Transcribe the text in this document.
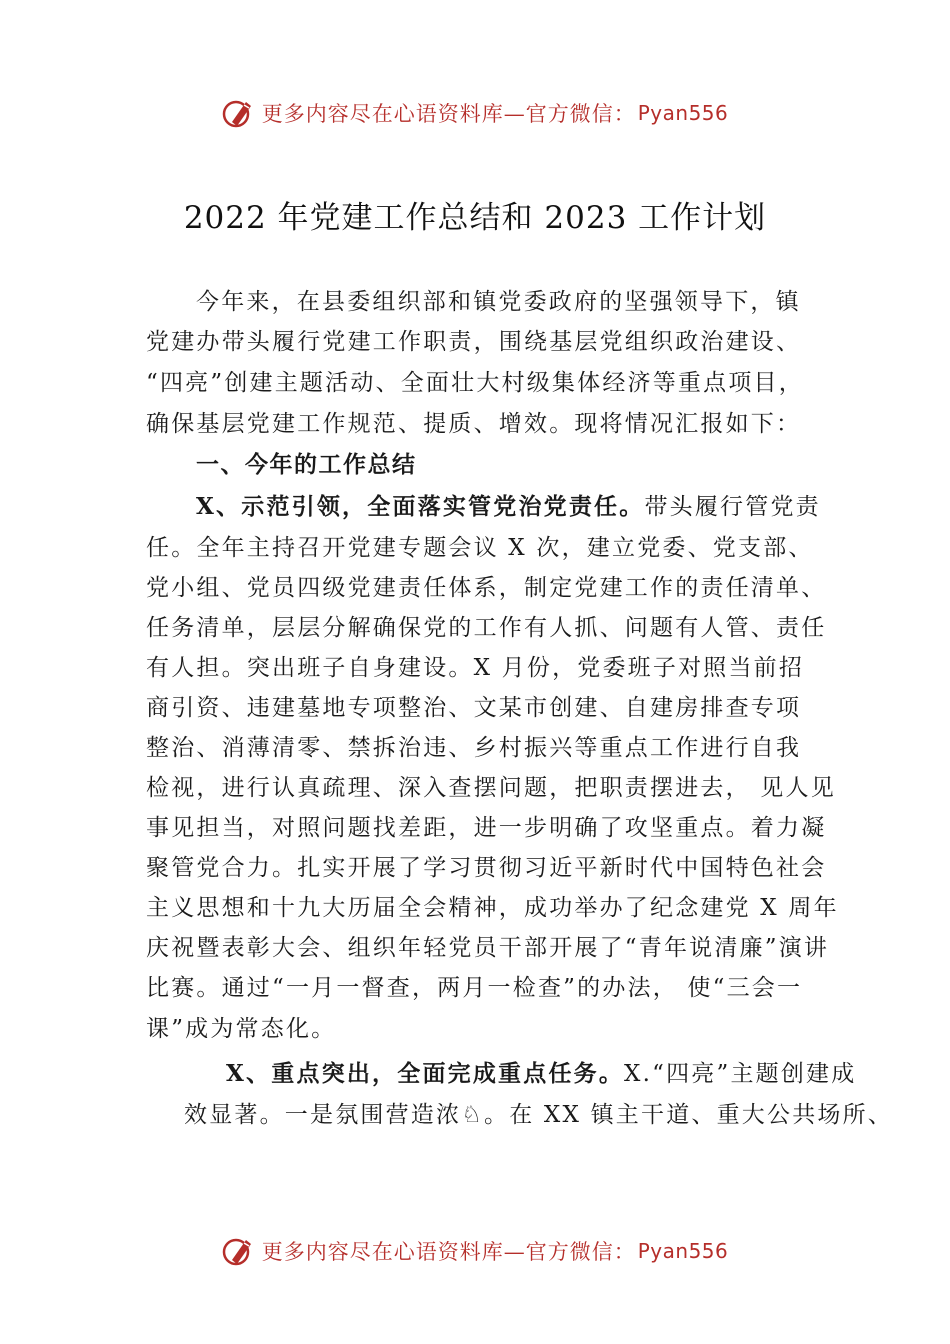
更多内容尽在心语资料库—官方微信： Pyan556
2022 年党建工作总结和 2023 工作计划
今年来，在县委组织部和镇党委政府的坚强领导下，镇
党建办带头履行党建工作职责，围绕基层党组织政治建设、
“四亮”创建主题活动、全面壮大村级集体经济等重点项目，
确保基层党建工作规范、提质、增效。现将情况汇报如下：
一、今年的工作总结
X、示范引领，全面落实管党治党责任。带头履行管党责
任。全年主持召开党建专题会议 X 次，建立党委、党支部、
党小组、党员四级党建责任体系，制定党建工作的责任清单、
任务清单，层层分解确保党的工作有人抓、问题有人管、责任
有人担。突出班子自身建设。X 月份，党委班子对照当前招
商引资、违建墓地专项整治、文某市创建、自建房排查专项
整治、消薄清零、禁拆治违、乡村振兴等重点工作进行自我
检视，进行认真疏理、深入查摆问题，把职责摆进去， 见人见
事见担当，对照问题找差距，进一步明确了攻坚重点。着力凝
聚管党合力。扎实开展了学习贯彻习近平新时代中国特色社会
主义思想和十九大历届全会精神，成功举办了纪念建党 X 周年
庆祝暨表彰大会、组织年轻党员干部开展了“青年说清廉”演讲
比赛。通过“一月一督查，两月一检查”的办法， 使“三会一
课”成为常态化。
X、重点突出，全面完成重点任务。X.“四亮”主题创建成
效显著。一是氛围营造浓♘。在 XX 镇主干道、重大公共场所、
更多内容尽在心语资料库—官方微信： Pyan556
